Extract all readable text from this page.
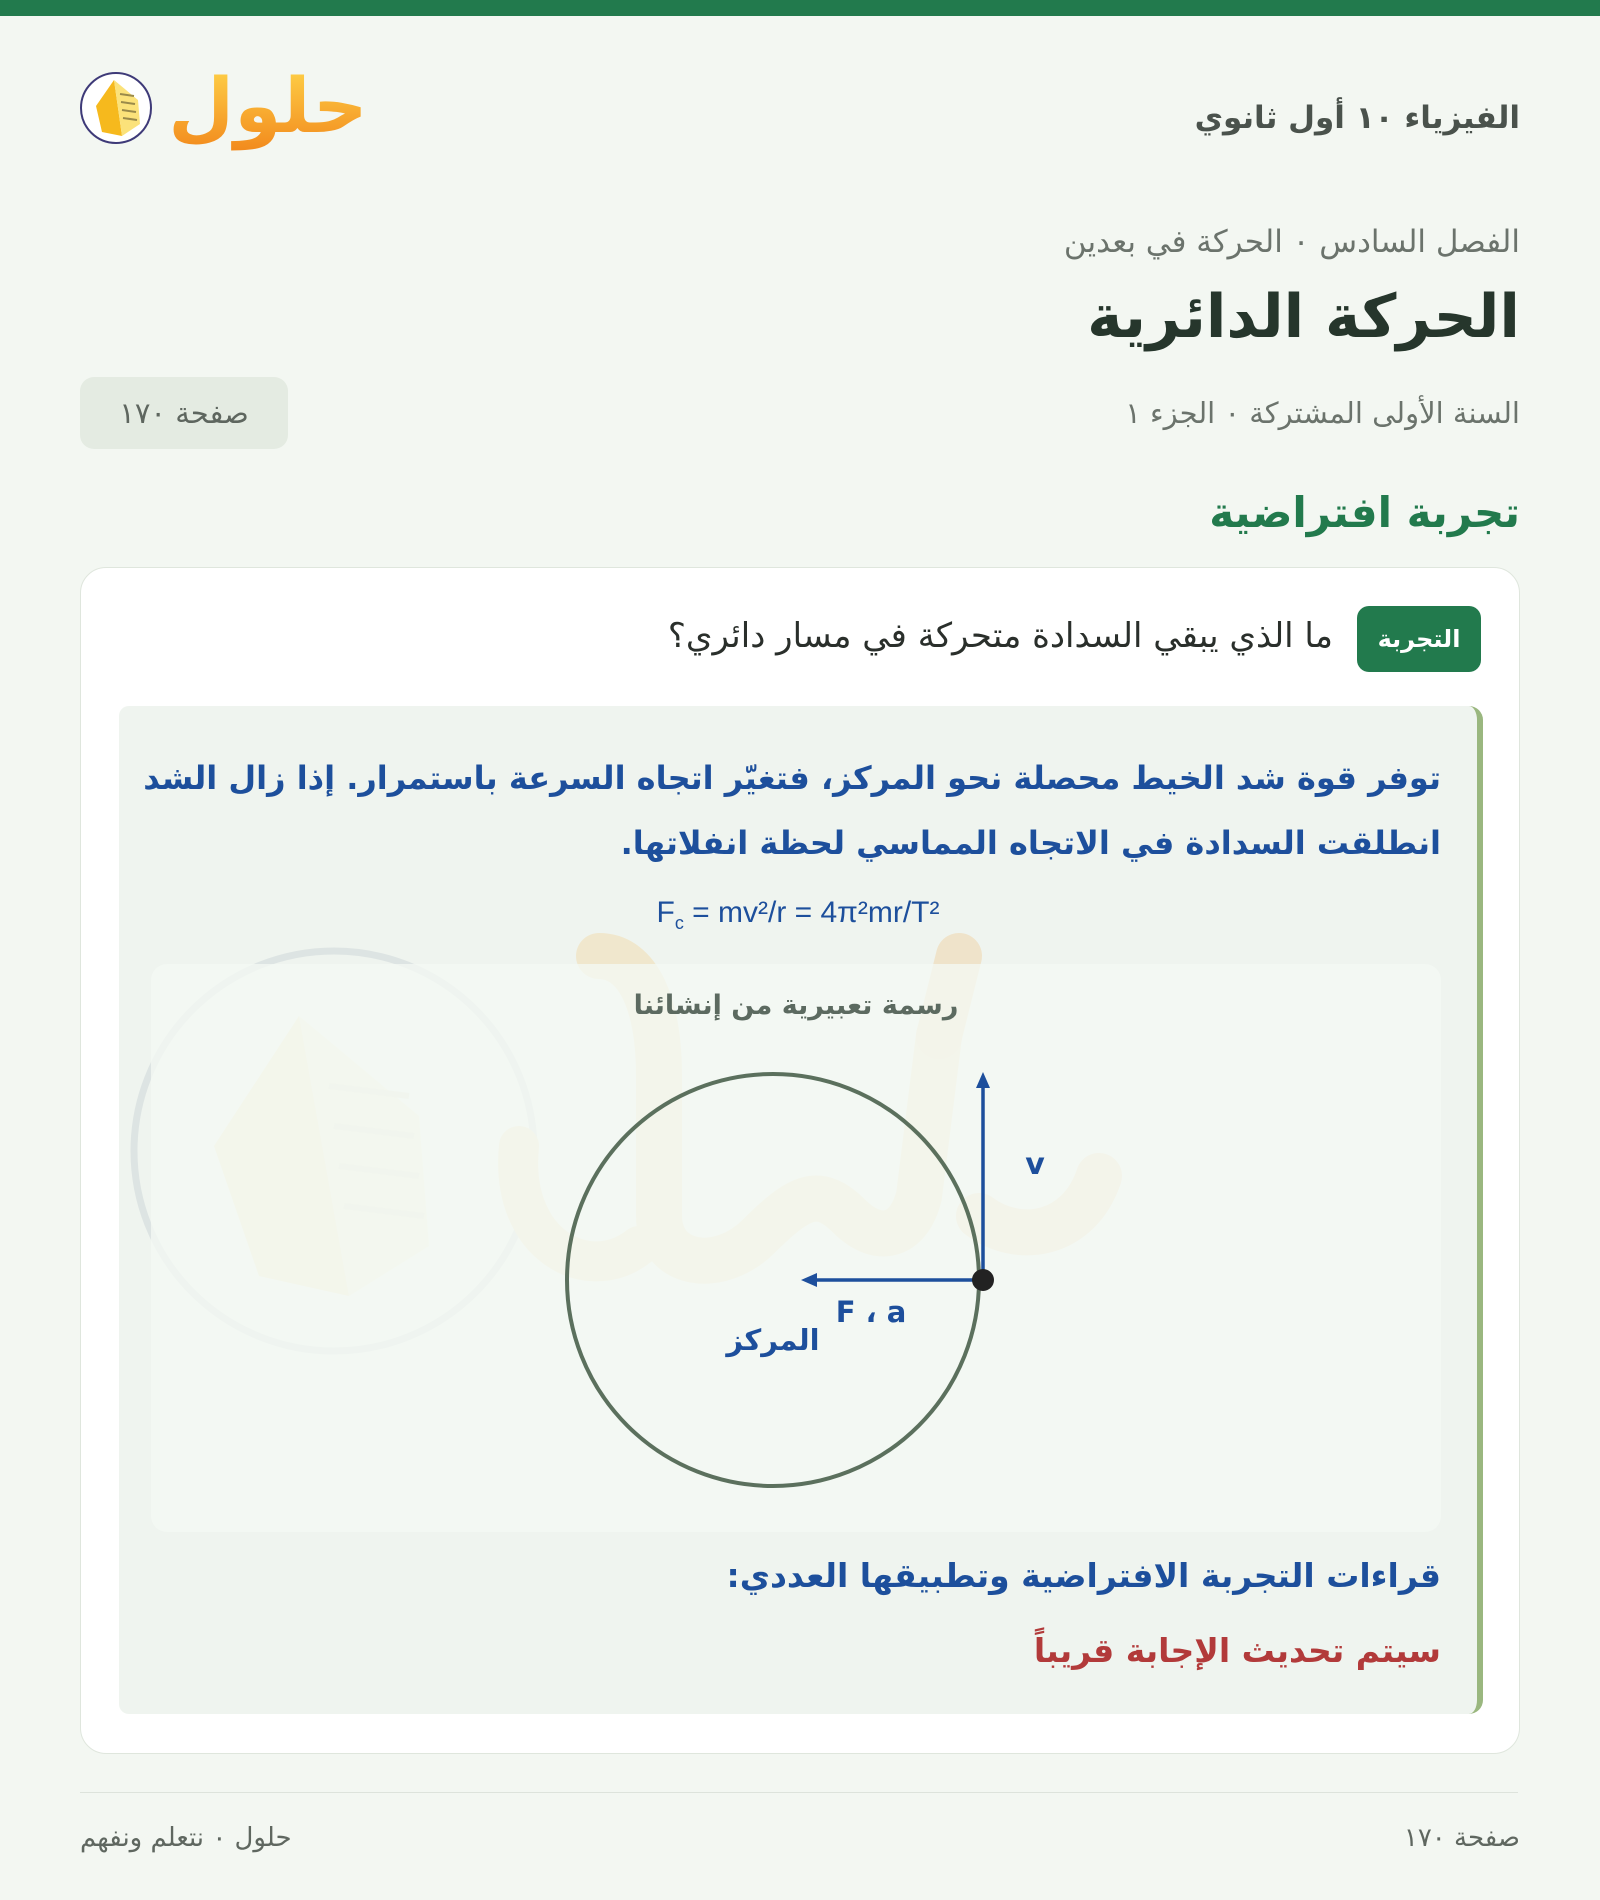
الفيزياء ١٠ أول ثانوي
حلول
الفصل السادس ٠ الحركة في بعدين
الحركة الدائرية
السنة الأولى المشتركة ٠ الجزء ١
صفحة ١٧٠
تجربة افتراضية
التجربة
ما الذي يبقي السدادة متحركة في مسار دائري؟
توفر قوة شد الخيط محصلة نحو المركز، فتغيّر اتجاه السرعة باستمرار. إذا زال الشد انطلقت السدادة في الاتجاه المماسي لحظة انفلاتها.
$F_c = mv^2/r = 4\pi^2mr/T^2$
رسمة تعبيرية من إنشائنا
v
F ، a
المركز
قراءات التجربة الافتراضية وتطبيقها العددي:
سيتم تحديث الإجابة قريباً
حلول ٠ نتعلم ونفهم	صفحة ١٧٠
